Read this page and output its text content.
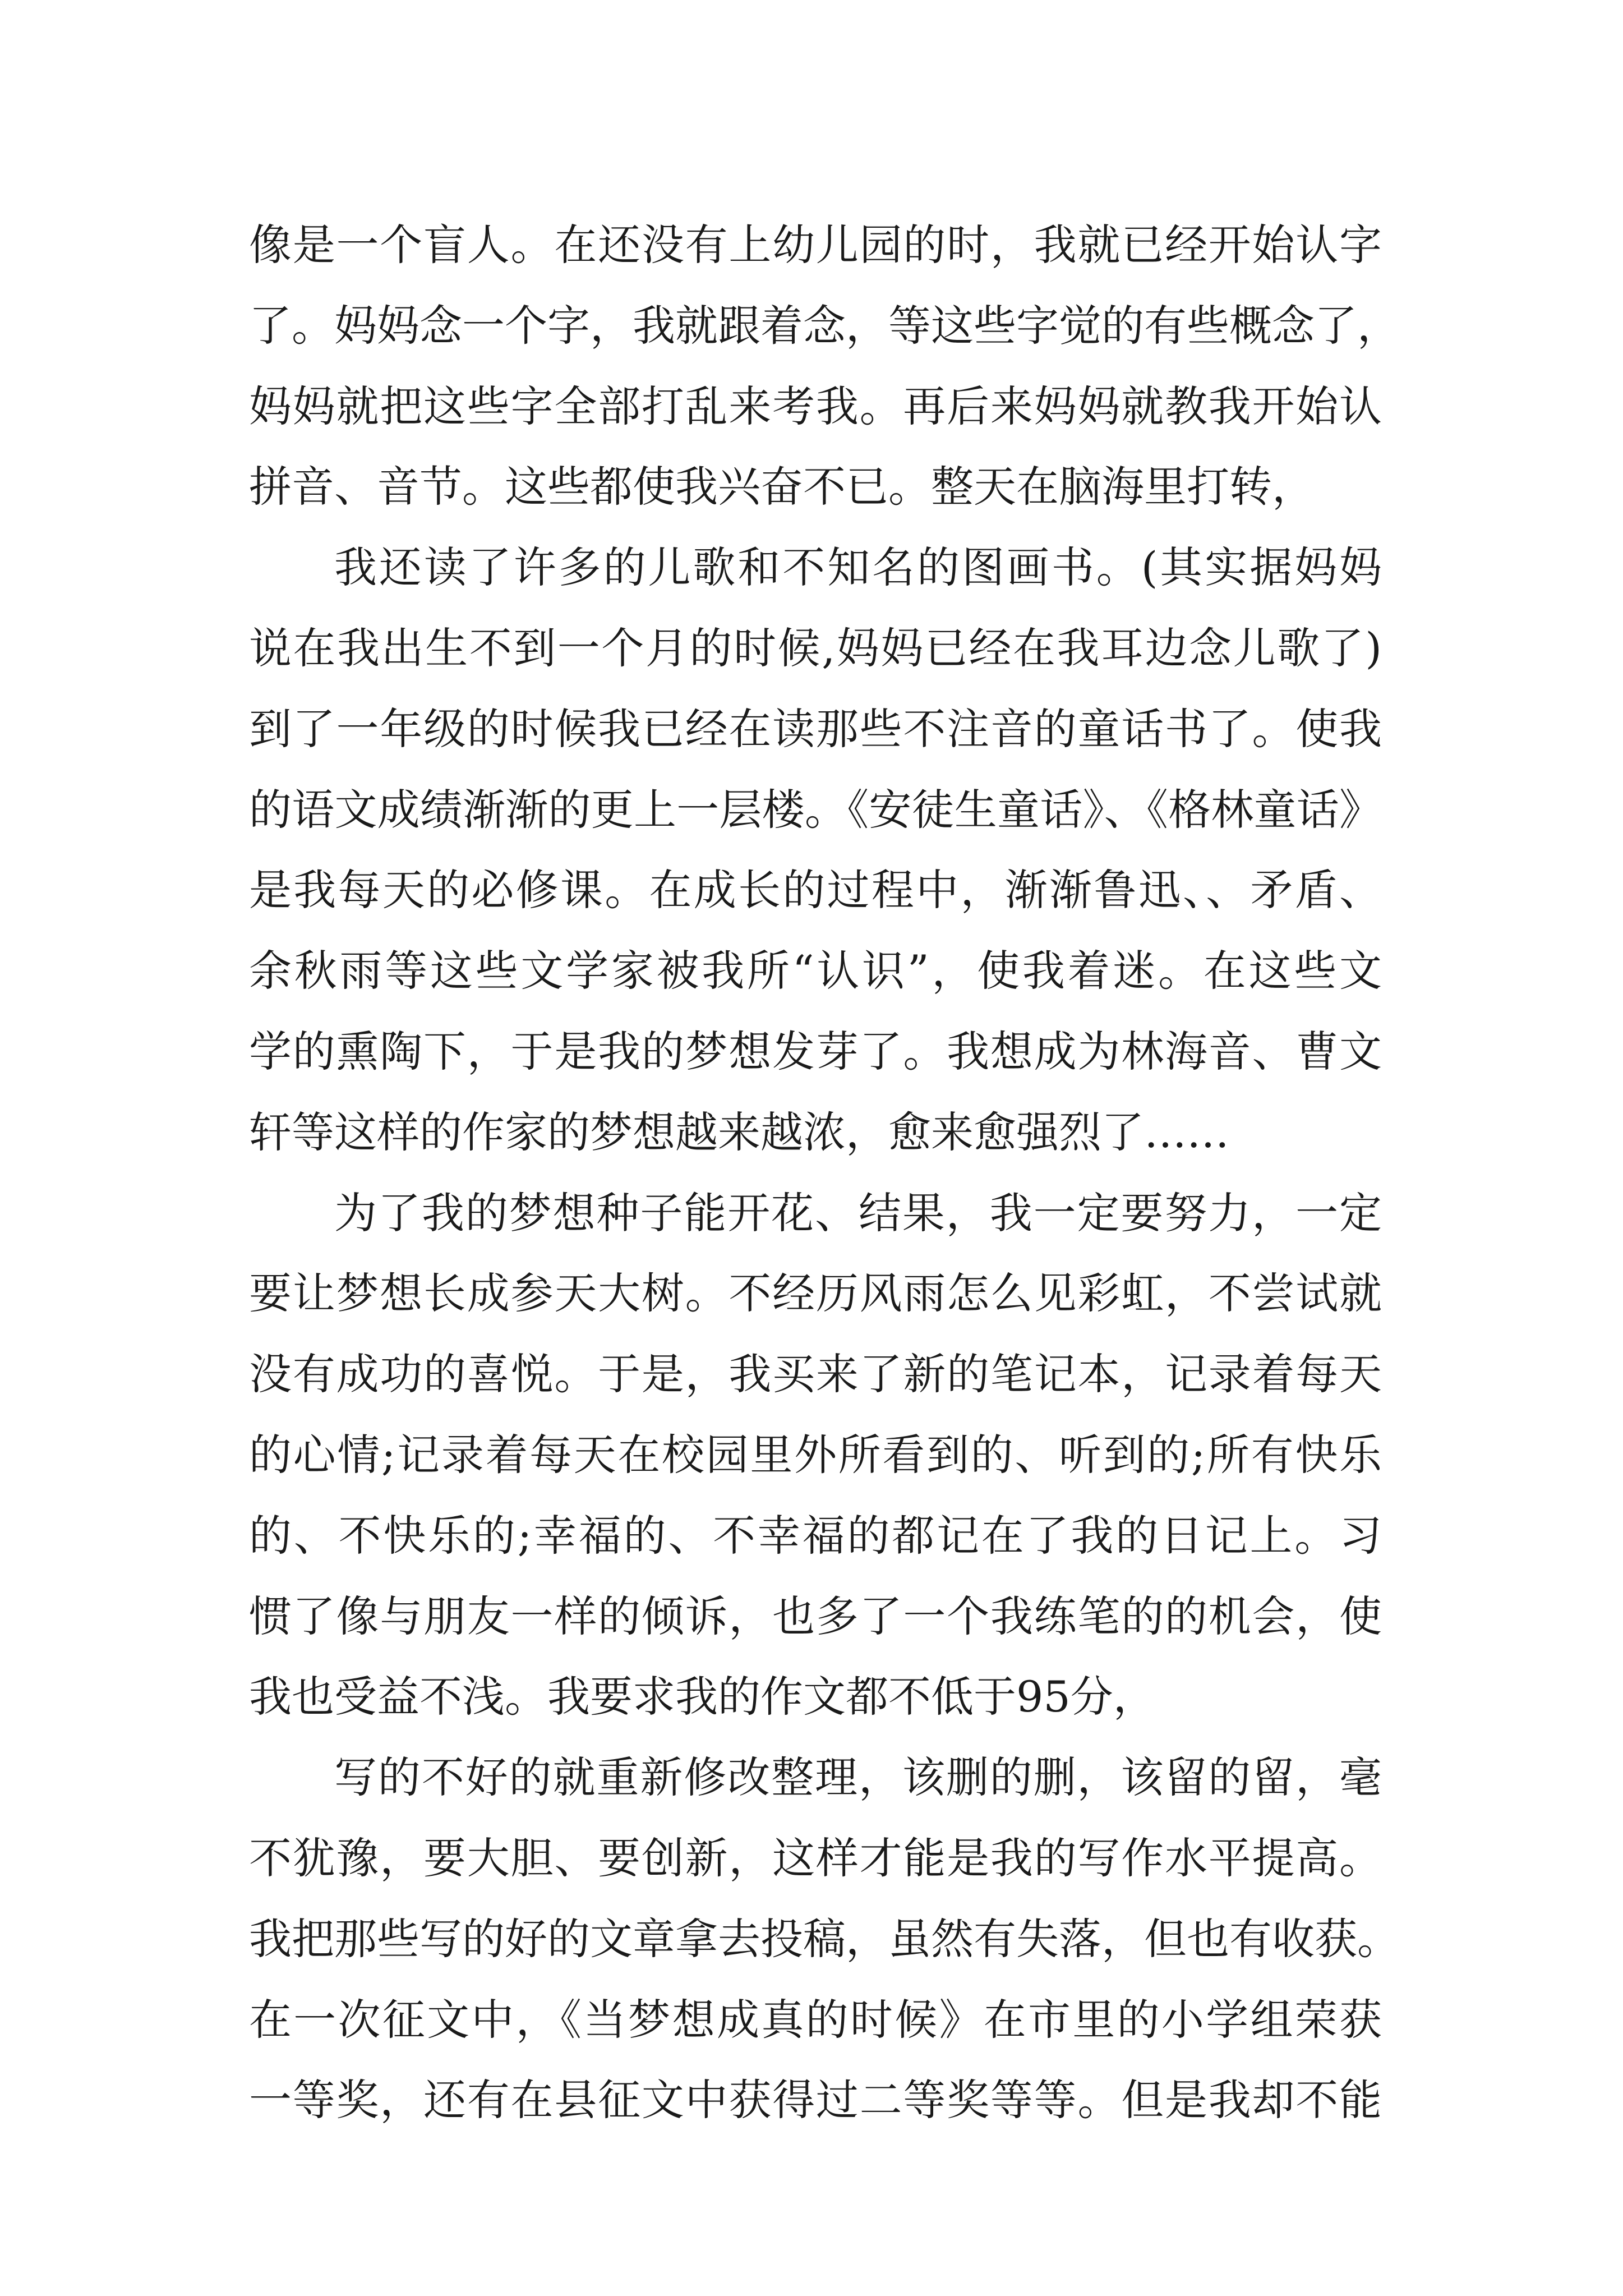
像是一个盲人。在还没有上幼儿园的时，我就已经开始认字
了。妈妈念一个字，我就跟着念，等这些字觉的有些概念了，
妈妈就把这些字全部打乱来考我。再后来妈妈就教我开始认
拼音、音节。这些都使我兴奋不已。整天在脑海里打转，
我还读了许多的儿歌和不知名的图画书。(其实据妈妈
说在我出生不到一个月的时候,妈妈已经在我耳边念儿歌了)
到了一年级的时候我已经在读那些不注音的童话书了。使我
的语文成绩渐渐的更上一层楼。《安徒生童话》、《格林童话》
是我每天的必修课。在成长的过程中，渐渐鲁迅、、矛盾、
余秋雨等这些文学家被我所“认识”，使我着迷。在这些文
学的熏陶下，于是我的梦想发芽了。我想成为林海音、曹文
轩等这样的作家的梦想越来越浓，愈来愈强烈了……
为了我的梦想种子能开花、结果，我一定要努力，一定
要让梦想长成参天大树。不经历风雨怎么见彩虹，不尝试就
没有成功的喜悦。于是，我买来了新的笔记本，记录着每天
的心情;记录着每天在校园里外所看到的、听到的;所有快乐
的、不快乐的;幸福的、不幸福的都记在了我的日记上。习
惯了像与朋友一样的倾诉，也多了一个我练笔的的机会，使
我也受益不浅。我要求我的作文都不低于95分，
写的不好的就重新修改整理，该删的删，该留的留，毫
不犹豫，要大胆、要创新，这样才能是我的写作水平提高。
我把那些写的好的文章拿去投稿，虽然有失落，但也有收获。
在一次征文中，《当梦想成真的时候》在市里的小学组荣获
一等奖，还有在县征文中获得过二等奖等等。但是我却不能
